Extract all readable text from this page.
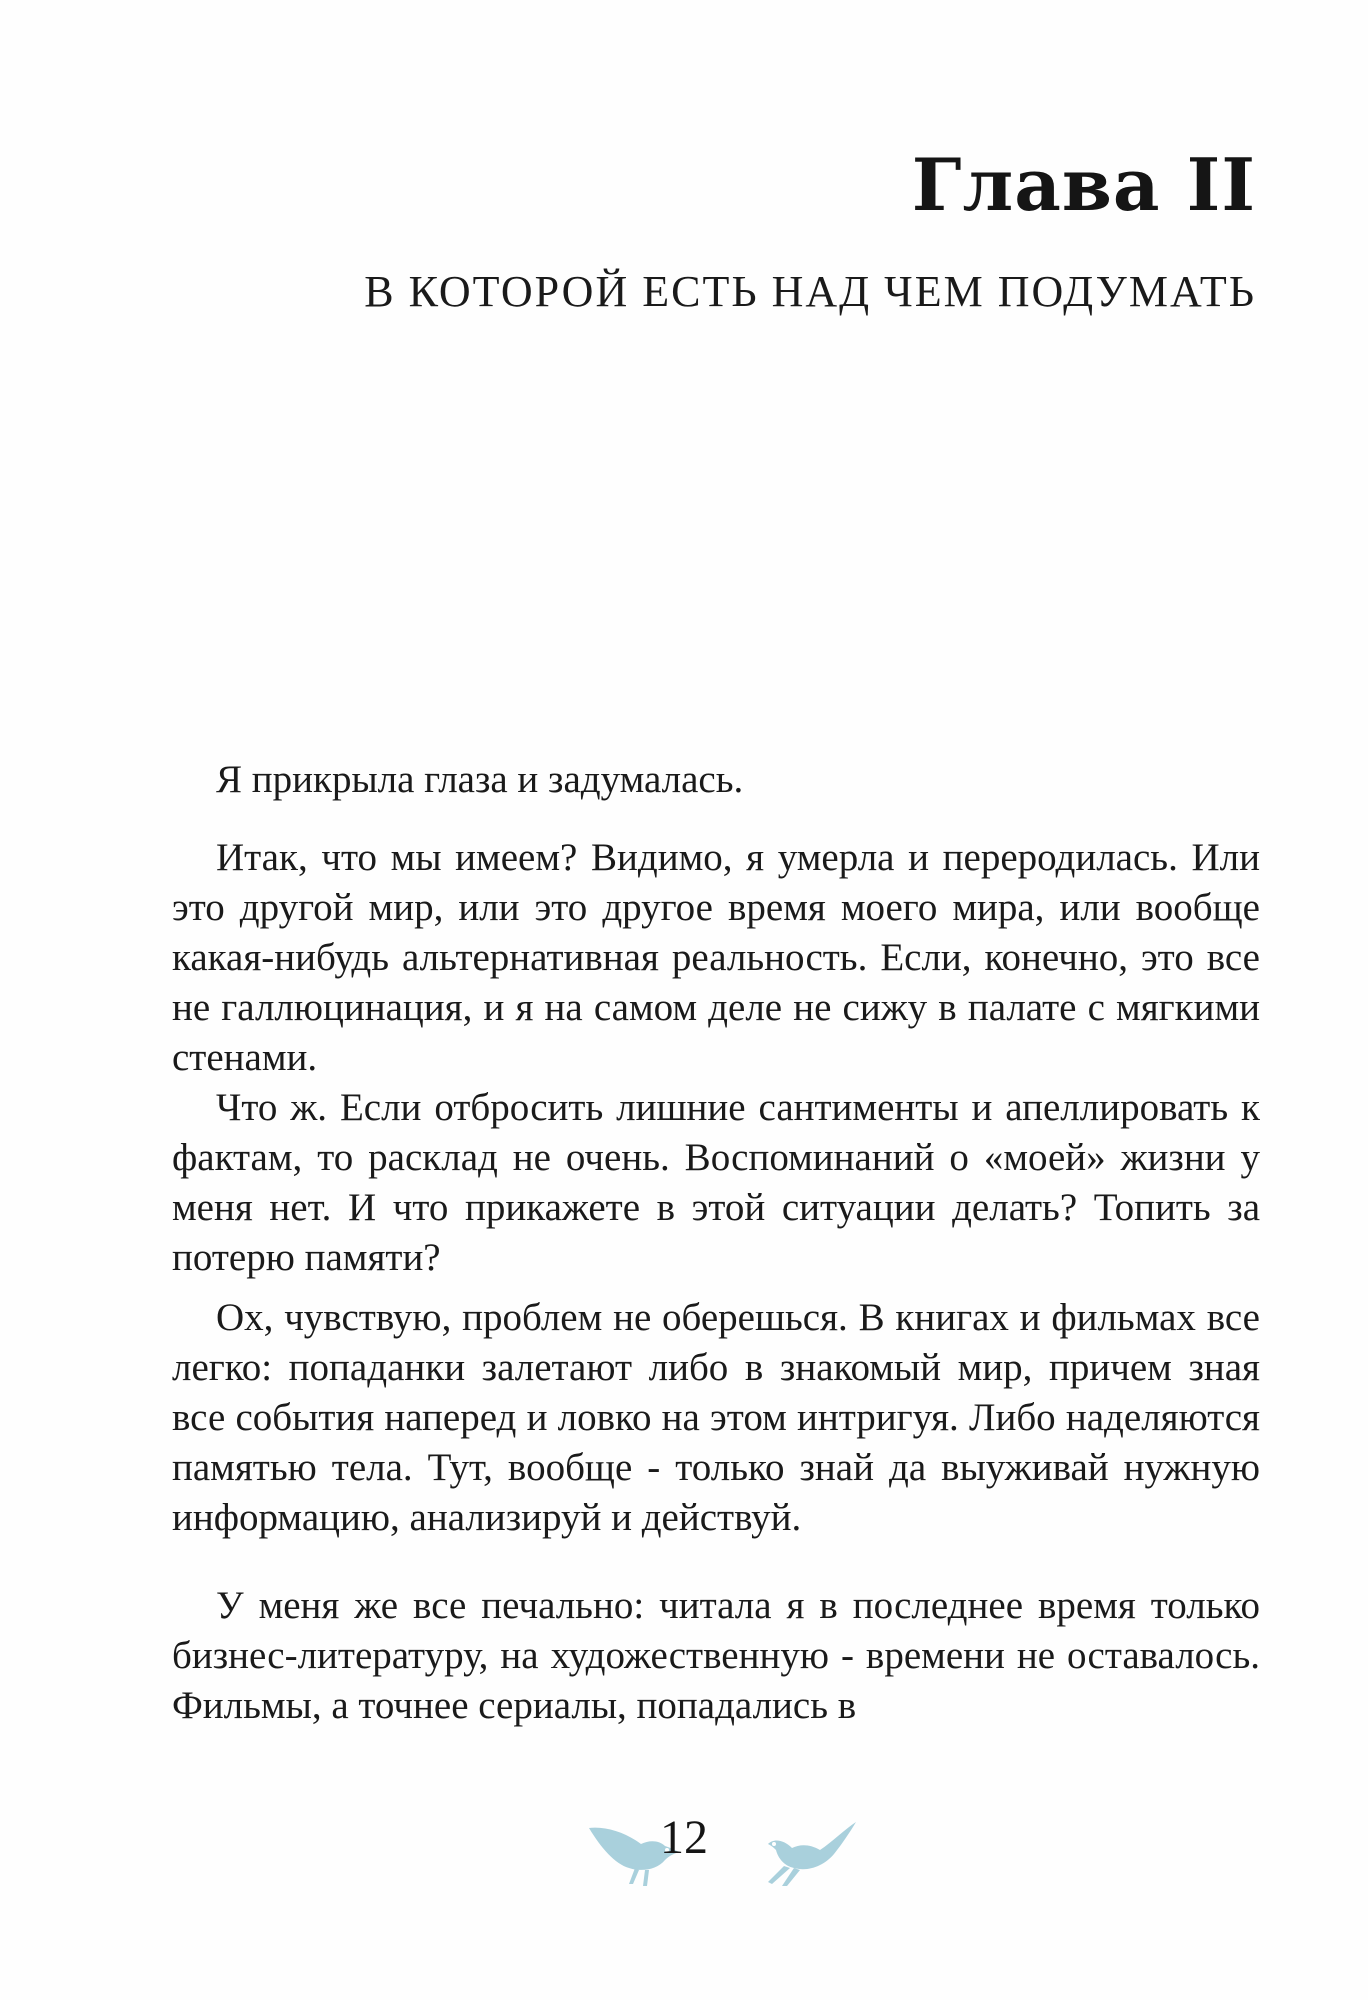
Глава II
В КОТОРОЙ ЕСТЬ НАД ЧЕМ ПОДУМАТЬ

Я прикрыла глаза и задумалась.

Итак, что мы имеем? Видимо, я умерла и переродилась. Или это другой мир, или это другое время моего мира, или вообще какая-нибудь альтернативная реальность. Если, конечно, это все не галлюцинация, и я на самом деле не сижу в палате с мягкими стенами.

Что ж. Если отбросить лишние сантименты и апеллировать к фактам, то расклад не очень. Воспоминаний о «моей» жизни у меня нет. И что прикажете в этой ситуации делать? Топить за потерю памяти?

Ох, чувствую, проблем не оберешься. В книгах и фильмах все легко: попаданки залетают либо в знакомый мир, причем зная все события наперед и ловко на этом интригуя. Либо наделяются памятью тела. Тут, вообще - только знай да выуживай нужную информацию, анализируй и действуй.

У меня же все печально: читала я в последнее время только бизнес-литературу, на художественную - времени не оставалось. Фильмы, а точнее сериалы, попадались в

12
